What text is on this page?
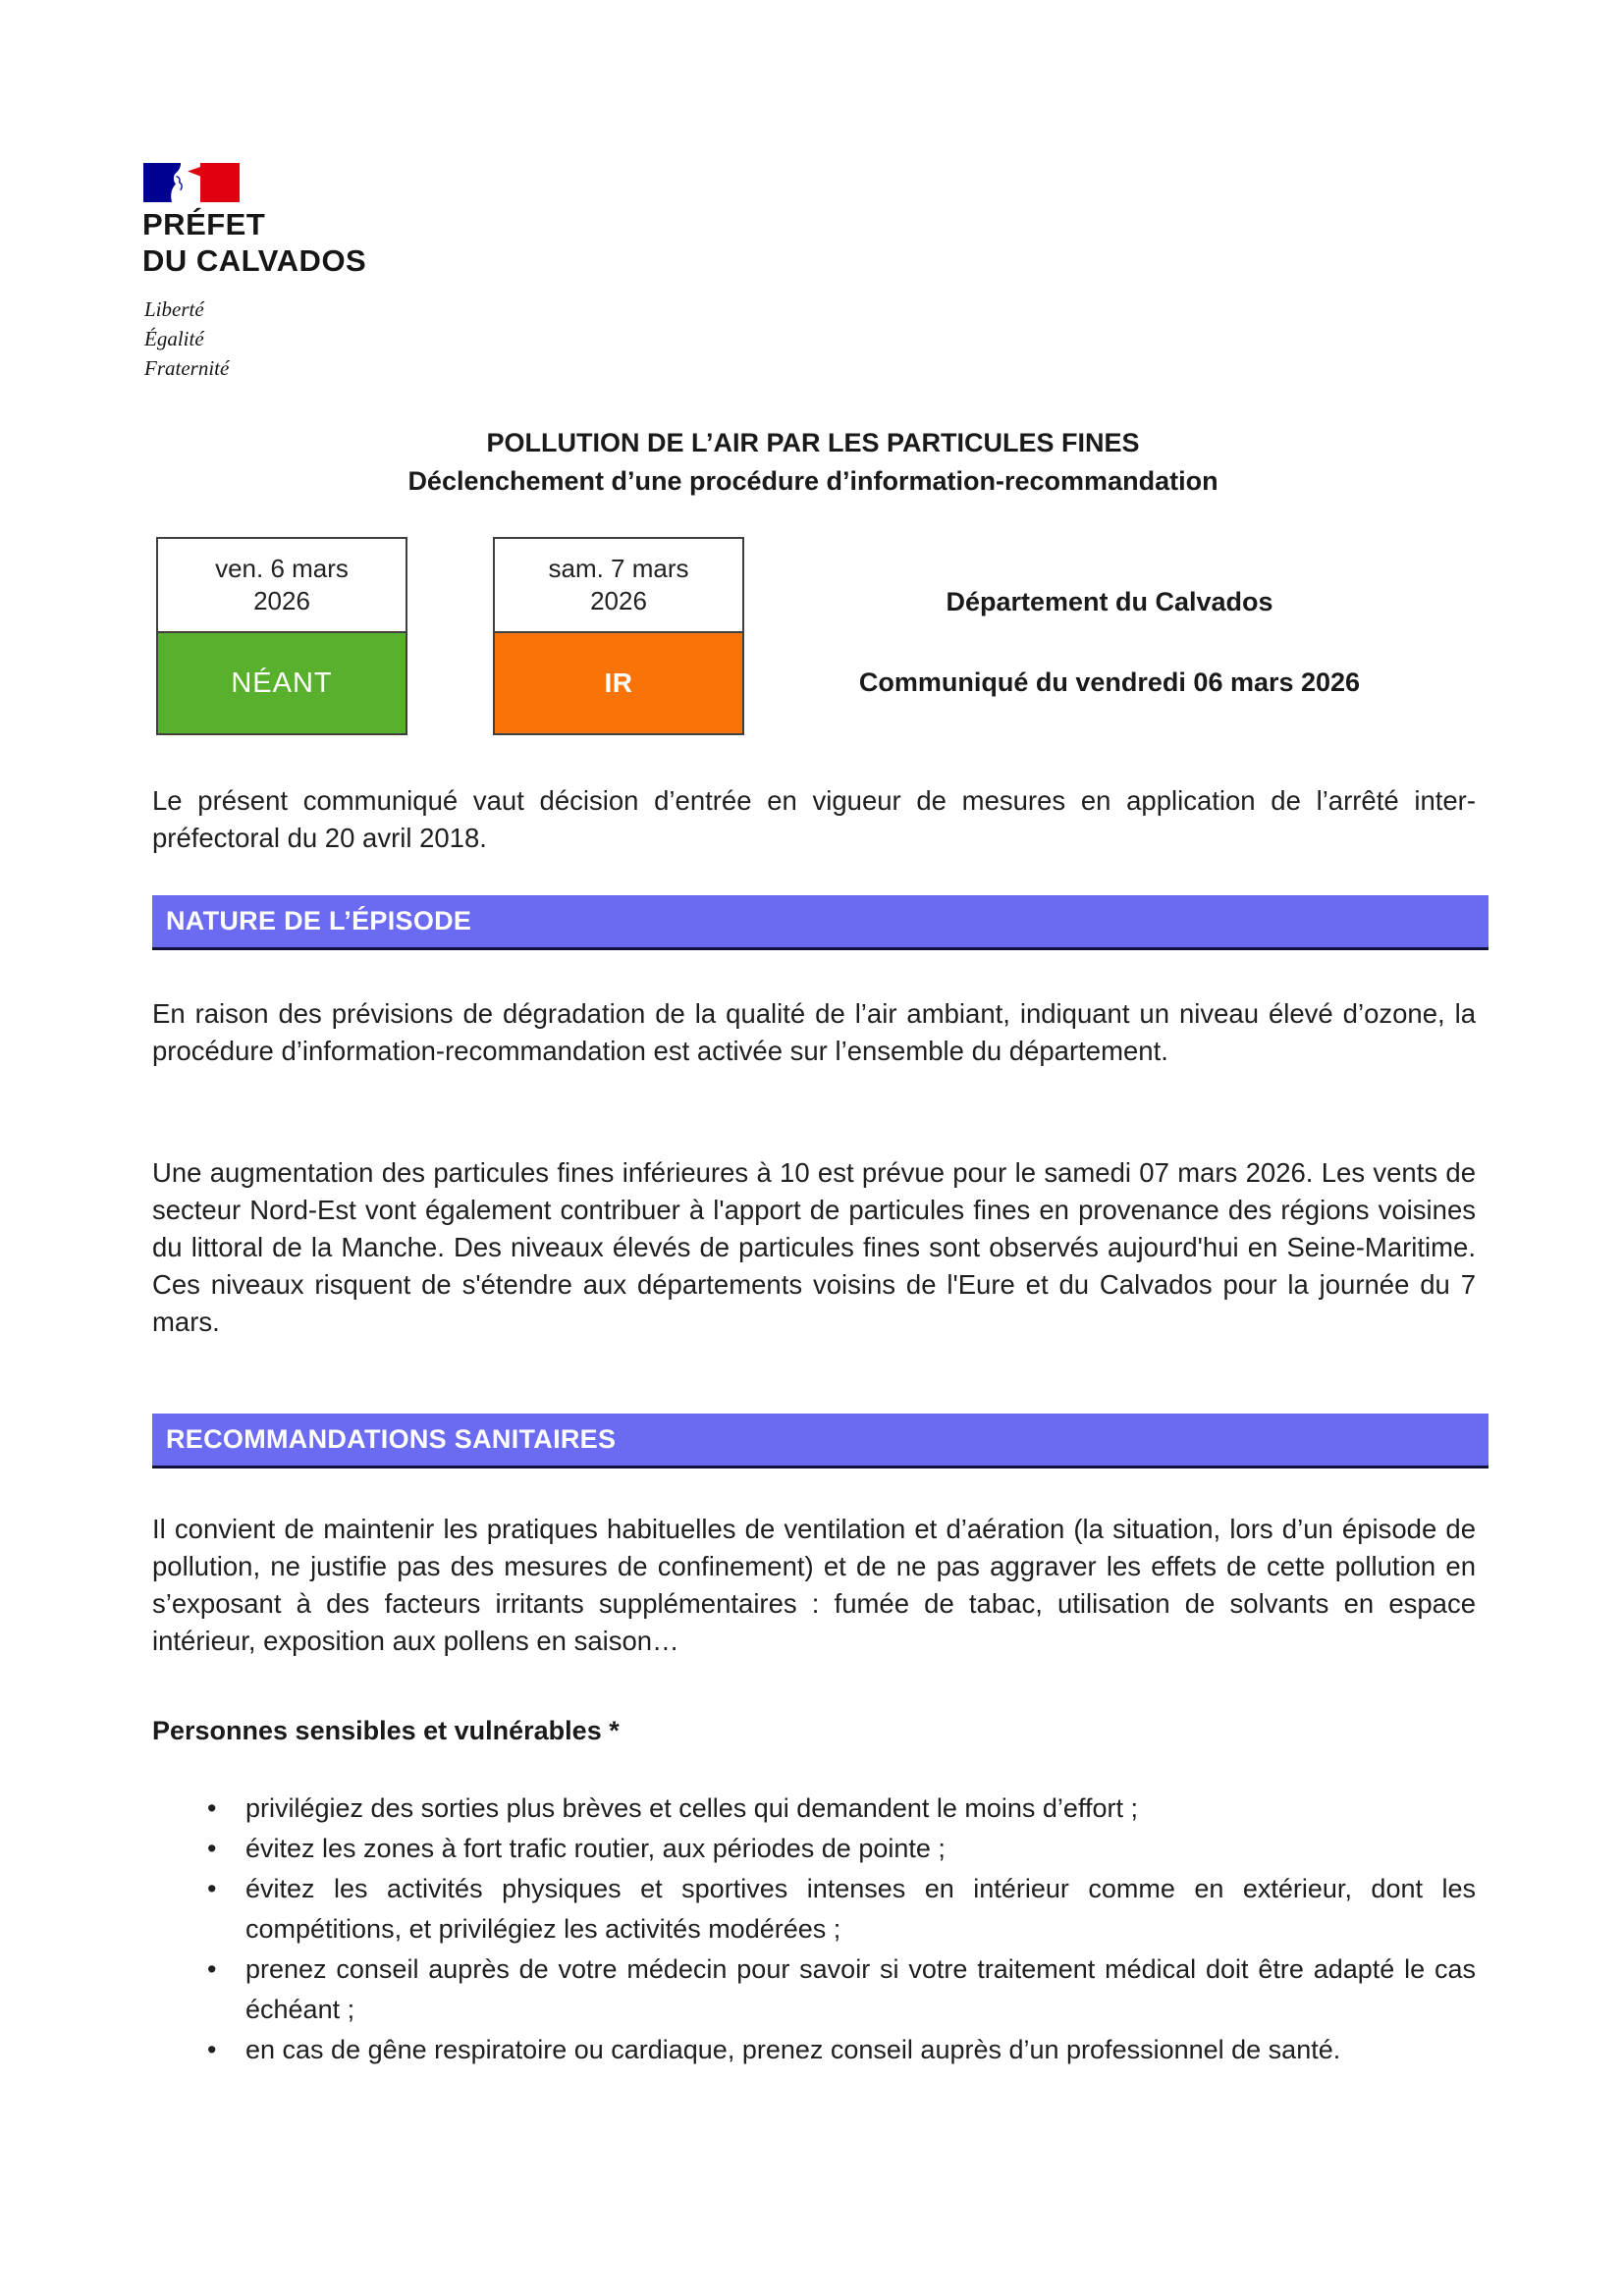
PRÉFET
DU CALVADOS
Liberté
Égalité
Fraternité
POLLUTION DE L’AIR PAR LES PARTICULES FINES
Déclenchement d’une procédure d’information-recommandation
ven. 6 mars
2026
NÉANT
sam. 7 mars
2026
IR
Département du Calvados
Communiqué du vendredi 06 mars 2026

Le présent communiqué vaut décision d’entrée en vigueur de mesures en application de l’arrêté inter-préfectoral du 20 avril 2018.

NATURE DE L’ÉPISODE

En raison des prévisions de dégradation de la qualité de l’air ambiant, indiquant un niveau élevé d’ozone, la procédure d’information-recommandation est activée sur l’ensemble du département.

Une augmentation des particules fines inférieures à 10 est prévue pour le samedi 07 mars 2026. Les vents de secteur Nord-Est vont également contribuer à l'apport de particules fines en provenance des régions voisines du littoral de la Manche. Des niveaux élevés de particules fines sont observés aujourd'hui en Seine-Maritime. Ces niveaux risquent de s'étendre aux départements voisins de l'Eure et du Calvados pour la journée du 7 mars.

RECOMMANDATIONS SANITAIRES

Il convient de maintenir les pratiques habituelles de ventilation et d’aération (la situation, lors d’un épisode de pollution, ne justifie pas des mesures de confinement) et de ne pas aggraver les effets de cette pollution en s’exposant à des facteurs irritants supplémentaires : fumée de tabac, utilisation de solvants en espace intérieur, exposition aux pollens en saison…

Personnes sensibles et vulnérables *
• privilégiez des sorties plus brèves et celles qui demandent le moins d’effort ;
• évitez les zones à fort trafic routier, aux périodes de pointe ;
• évitez les activités physiques et sportives intenses en intérieur comme en extérieur, dont les compétitions, et privilégiez les activités modérées ;
• prenez conseil auprès de votre médecin pour savoir si votre traitement médical doit être adapté le cas échéant ;
• en cas de gêne respiratoire ou cardiaque, prenez conseil auprès d’un professionnel de santé.
